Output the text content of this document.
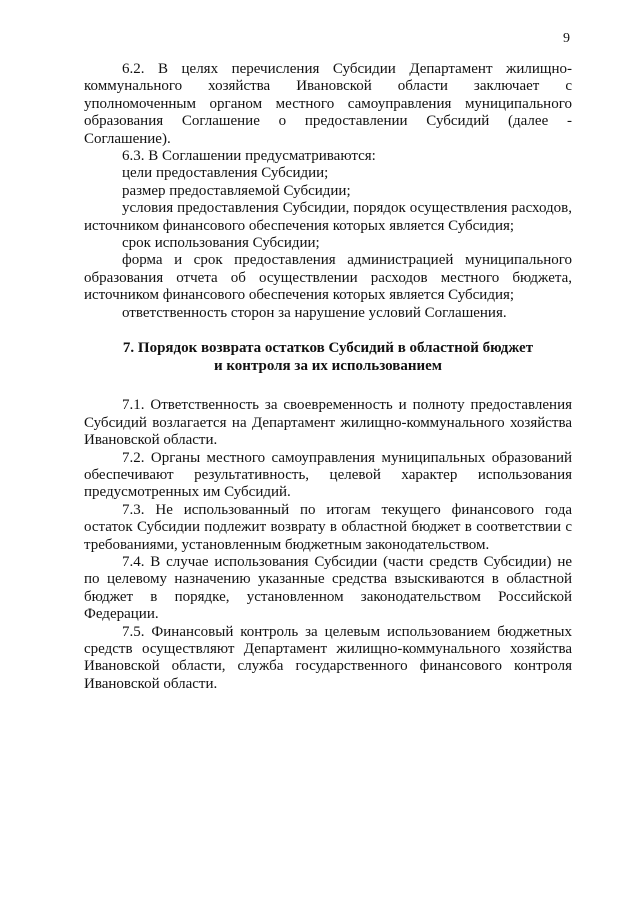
9

6.2. В целях перечисления Субсидии Департамент жилищно-коммунального хозяйства Ивановской области заключает с уполномоченным органом местного самоуправления муниципального образования Соглашение о предоставлении Субсидий (далее - Соглашение).

6.3. В Соглашении предусматриваются:

цели предоставления Субсидии;

размер предоставляемой Субсидии;

условия предоставления Субсидии, порядок осуществления расходов, источником финансового обеспечения которых является Субсидия;

срок использования Субсидии;

форма и срок предоставления администрацией муниципального образования отчета об осуществлении расходов местного бюджета, источником финансового обеспечения которых является Субсидия;

ответственность сторон за нарушение условий Соглашения.

7. Порядок возврата остатков Субсидий в областной бюджет
и контроля за их использованием

7.1. Ответственность за своевременность и полноту предоставления Субсидий возлагается на Департамент жилищно-коммунального хозяйства Ивановской области.

7.2. Органы местного самоуправления муниципальных образований обеспечивают результативность, целевой характер использования предусмотренных им Субсидий.

7.3. Не использованный по итогам текущего финансового года остаток Субсидии подлежит возврату в областной бюджет в соответствии с требованиями, установленным бюджетным законодательством.

7.4. В случае использования Субсидии (части средств Субсидии) не по целевому назначению указанные средства взыскиваются в областной бюджет в порядке, установленном законодательством Российской Федерации.

7.5. Финансовый контроль за целевым использованием бюджетных средств осуществляют Департамент жилищно-коммунального хозяйства Ивановской области, служба государственного финансового контроля Ивановской области.
